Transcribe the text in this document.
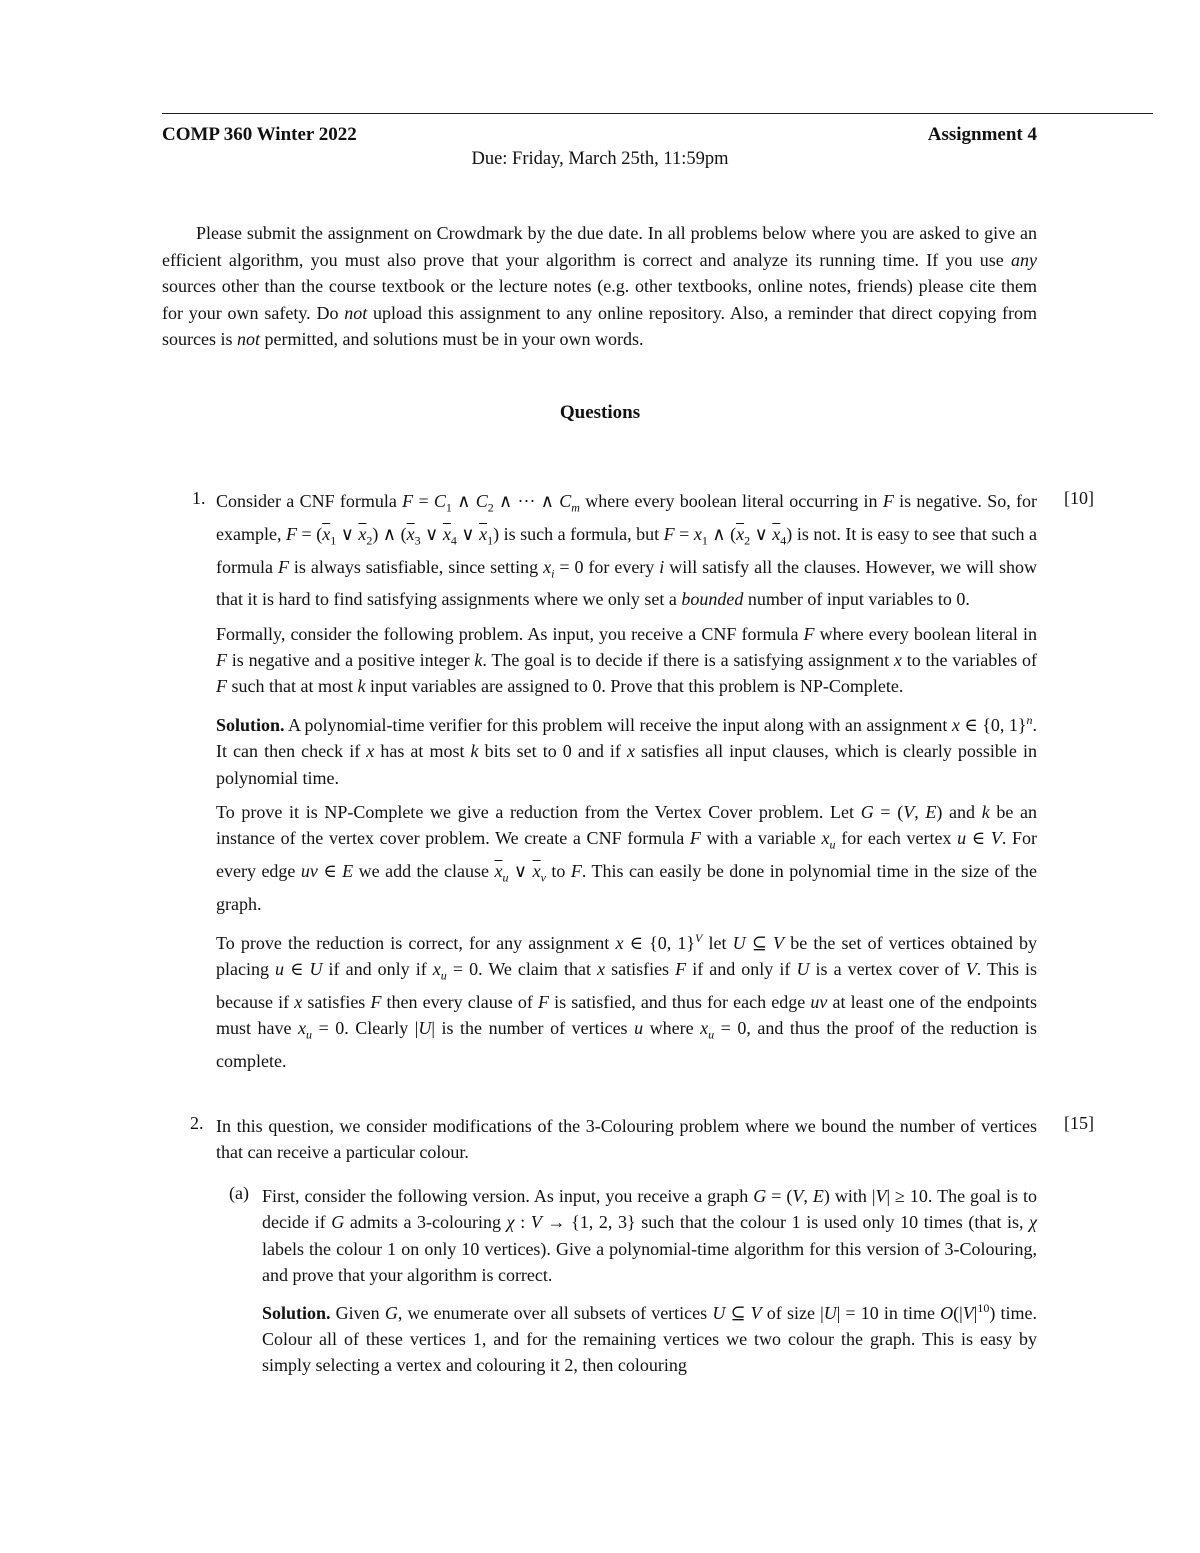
COMP 360 Winter 2022	Assignment 4
Due: Friday, March 25th, 11:59pm

Please submit the assignment on Crowdmark by the due date. In all problems below where you are asked to give an efficient algorithm, you must also prove that your algorithm is correct and analyze its running time. If you use any sources other than the course textbook or the lecture notes (e.g. other textbooks, online notes, friends) please cite them for your own safety. Do not upload this assignment to any online repository. Also, a reminder that direct copying from sources is not permitted, and solutions must be in your own words.

Questions
1.	[10]

Consider a CNF formula $F = C_1$ ∧ $C_2$ ∧ ··· ∧ $C_m$ where every boolean literal occurring in F is negative. So, for example, $F = (\overline{x}_1$ ∨ $\overline{x}_2$) ∧ ($\overline{x}_3$ ∨ $\overline{x}_4$ ∨ $\overline{x}_1$) is such a formula, but $F = x_1$ ∧ ($\overline{x}_2$ ∨ $\overline{x}_4$) is not. It is easy to see that such a formula F is always satisfiable, since setting $x_i = 0$ for every i will satisfy all the clauses. However, we will show that it is hard to find satisfying assignments where we only set a bounded number of input variables to 0.

Formally, consider the following problem. As input, you receive a CNF formula F where every boolean literal in F is negative and a positive integer k. The goal is to decide if there is a satisfying assignment x to the variables of F such that at most k input variables are assigned to 0. Prove that this problem is NP-Complete.

Solution. A polynomial-time verifier for this problem will receive the input along with an assignment x ∈ {0, 1}$^n$. It can then check if x has at most k bits set to 0 and if x satisfies all input clauses, which is clearly possible in polynomial time.

To prove it is NP-Complete we give a reduction from the Vertex Cover problem. Let G = (V, E) and k be an instance of the vertex cover problem. We create a CNF formula F with a variable $x_u$ for each vertex u ∈ V. For every edge uv ∈ E we add the clause $\overline{x}_u$ ∨ $\overline{x}_v$ to F. This can easily be done in polynomial time in the size of the graph.

To prove the reduction is correct, for any assignment x ∈ {0, 1}$^V$ let U ⊆ V be the set of vertices obtained by placing u ∈ U if and only if $x_u = 0$. We claim that x satisfies F if and only if U is a vertex cover of V. This is because if x satisfies F then every clause of F is satisfied, and thus for each edge uv at least one of the endpoints must have $x_u = 0$. Clearly |U| is the number of vertices u where $x_u = 0$, and thus the proof of the reduction is complete.

2.	[15]

In this question, we consider modifications of the 3-Colouring problem where we bound the number of vertices that can receive a particular colour.

(a) First, consider the following version. As input, you receive a graph G = (V, E) with |V| ≥ 10. The goal is to decide if G admits a 3-colouring χ : V → {1, 2, 3} such that the colour 1 is used only 10 times (that is, χ labels the colour 1 on only 10 vertices). Give a polynomial-time algorithm for this version of 3-Colouring, and prove that your algorithm is correct.

Solution. Given G, we enumerate over all subsets of vertices U ⊆ V of size |U| = 10 in time $O(|V|^{10})$ time. Colour all of these vertices 1, and for the remaining vertices we two colour the graph. This is easy by simply selecting a vertex and colouring it 2, then colouring
